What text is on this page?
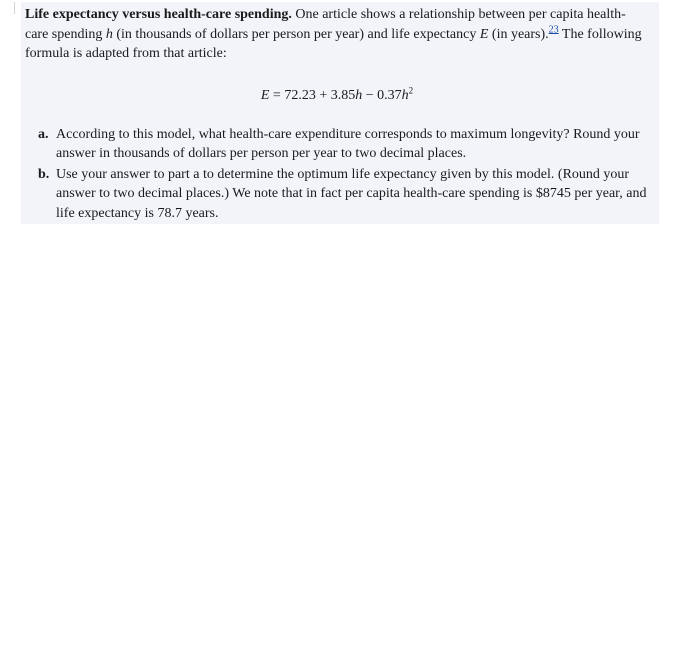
Life expectancy versus health-care spending. One article shows a relationship between per capita health-care spending h (in thousands of dollars per person per year) and life expectancy E (in years).$^{23}$ The following formula is adapted from that article:

$E = 72.23 + 3.85h - 0.37h^2$

a. According to this model, what health-care expenditure corresponds to maximum longevity? Round your answer in thousands of dollars per person per year to two decimal places.

b. Use your answer to part a to determine the optimum life expectancy given by this model. (Round your answer to two decimal places.) We note that in fact per capita health-care spending is $8745 per year, and life expectancy is 78.7 years.
